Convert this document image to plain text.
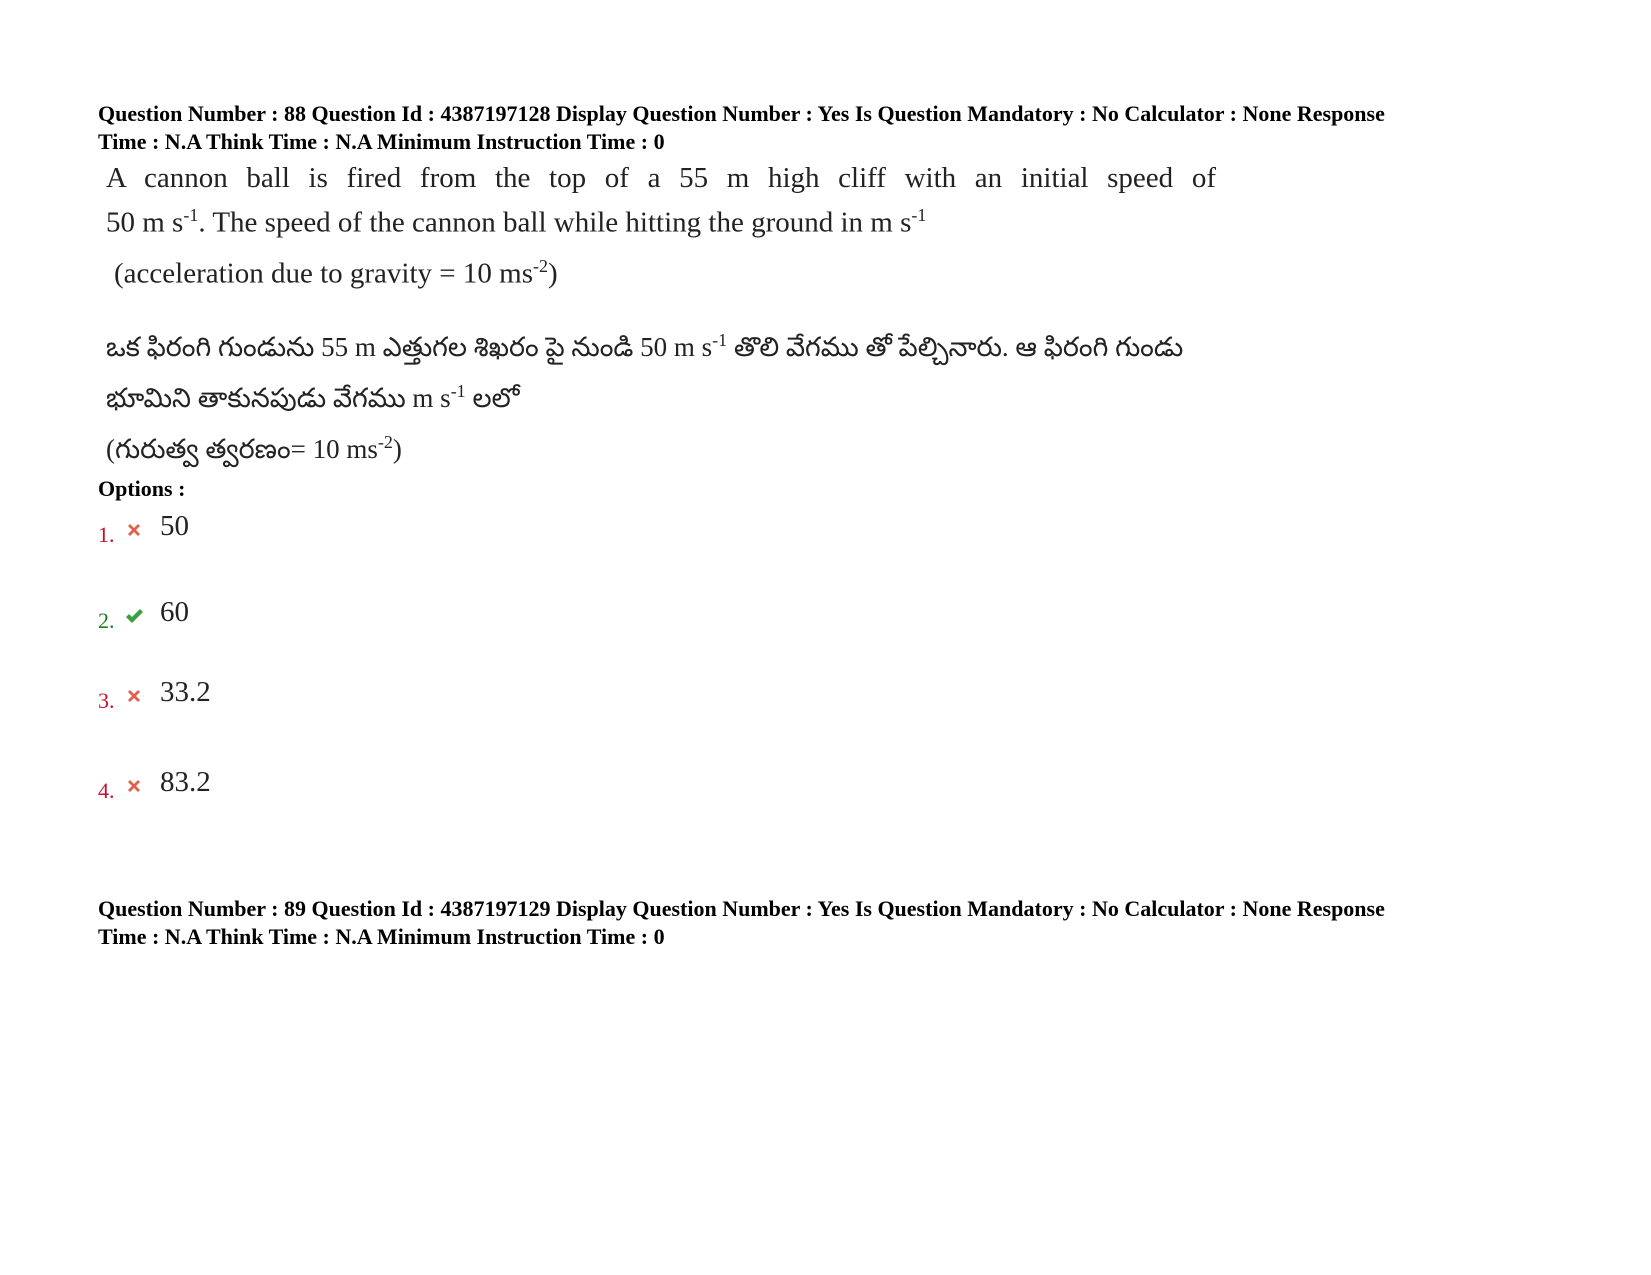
Question Number : 88 Question Id : 4387197128 Display Question Number : Yes Is Question Mandatory : No Calculator : None Response
Time : N.A Think Time : N.A Minimum Instruction Time : 0
A cannon ball is fired from the top of a 55 m high cliff with an initial speed of
50 m $s^{-1}$. The speed of the cannon ball while hitting the ground in m $s^{-1}$
(acceleration due to gravity = 10 $ms^{-2}$)
ఒక ఫిరంగి గుండును 55 m ఎత్తుగల శిఖరం పై నుండి 50 m $s^{-1}$ తొలి వేగము తో పేల్చినారు. ఆ ఫిరంగి గుండు
భూమిని తాకునపుడు వేగము m $s^{-1}$ లలో
(గురుత్వ త్వరణం= 10 $ms^{-2}$)
Options :
1. 50
2. 60
3. 33.2
4. 83.2
Question Number : 89 Question Id : 4387197129 Display Question Number : Yes Is Question Mandatory : No Calculator : None Response
Time : N.A Think Time : N.A Minimum Instruction Time : 0
